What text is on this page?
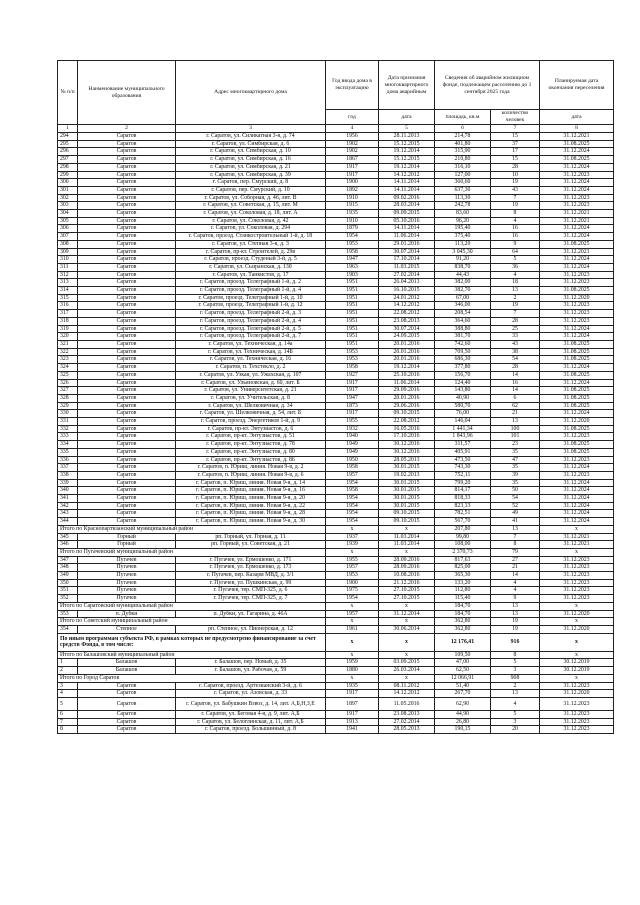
№ п/п	Наименование муниципального образования	Адрес многоквартирного дома	Год ввода дома в эксплуатацию	Дата признания многоквартирного дома аварийным	Сведения об аварийном жилищном фонде, подлежащем расселению до 1 сентября 2025 года		Планируемая дата окончания переселения
			год	дата	площадь, кв.м	количество человек	дата
1	2	3	4	5	6	7	8
294	Саратов	г. Саратов, ул. Силикатная 3-я, д. 74	1956	28.11.2013	214,78	15	31.12.2021
295	Саратов	г. Саратов, ул. Симбирская, д. 6	1902	15.12.2015	401,80	37	31.08.2025
296	Саратов	г. Саратов, ул. Симбирская, д. 10	1902	19.12.2014	315,90	17	31.12.2024
297	Саратов	г. Саратов, ул. Симбирская, д. 16	1867	15.12.2015	210,80	15	31.08.2025
298	Саратов	г. Саратов, ул. Симбирская, д. 21	1917	19.12.2014	316,10	28	31.12.2024
299	Саратов	г. Саратов, ул. Симбирская, д. 39	1917	14.12.2012	127,00	10	31.12.2023
300	Саратов	г. Саратов, пер. Смурский, д. 8	1900	14.11.2014	360,60	19	31.12.2024
301	Саратов	г. Саратов, пер. Смурский, д. 10	1892	14.11.2014	637,30	43	31.12.2024
302	Саратов	г. Саратов, ул. Соборная, д. 46, лит. В	1910	09.02.2016	113,30	7	31.12.2023
303	Саратов	г. Саратов, ул. Советская, д. 15, лит. М	1915	28.03.2014	242,78	19	31.12.2023
304	Саратов	г. Саратов, ул. Соколовая, д. 18, лит. А	1935	09.09.2015	83,60	8	31.12.2021
305	Саратов	г. Саратов, ул. Соколовая, д. 42	1910	05.10.2016	96,20	4	31.12.2021
306	Саратов	г. Саратов, ул. Соколовая, д. 294	1879	14.11.2014	195,40	16	31.12.2024
307	Саратов	г. Саратов, проезд. Станкостроительный 1-й, д. 18	1954	11.06.2014	375,40	16	31.12.2024
308	Саратов	г. Саратов, ул. Степная 3-я, д. 3	1953	29.01.2016	113,20	9	31.08.2025
309	Саратов	г. Саратов, пр-кт. Строителей, д. 29в	1958	30.07.2014	3 045,30	64	31.12.2021
310	Саратов	г. Саратов, проезд. Студеный 3-й, д. 5	1947	17.10.2014	91,20	5	31.12.2024
311	Саратов	г. Саратов, ул. Сызранская, д. 130	1963	11.03.2015	838,70	36	31.12.2024
312	Саратов	г. Саратов, ул. Танкистов, д. 17	1903	27.02.2014	44,43	4	31.12.2023
313	Саратов	г. Саратов, проезд. Телеграфный 1-й, д. 2	1951	26.04.2013	382,00	18	31.12.2023
314	Саратов	г. Саратов, проезд. Телеграфный 1-й, д. 4	1951	16.10.2015	382,70	13	31.08.2025
315	Саратов	г. Саратов, проезд. Телеграфный 1-й, д. 10	1951	24.01.2012	67,00	2	31.12.2020
316	Саратов	г. Саратов, проезд. Телеграфный 1-й, д. 12	1951	14.12.2012	346,00	19	31.12.2023
317	Саратов	г. Саратов, проезд. Телеграфный 2-й, д. 3	1951	22.08.2012	208,54	7	31.12.2023
318	Саратов	г. Саратов, проезд. Телеграфный 2-й, д. 4	1951	23.08.2013	364,60	28	31.12.2023
319	Саратов	г. Саратов, проезд. Телеграфный 2-й, д. 5	1951	30.07.2014	388,80	25	31.12.2024
320	Саратов	г. Саратов, проезд. Телеграфный 2-й, д. 7	1951	24.09.2015	381,70	33	31.12.2024
321	Саратов	г. Саратов, ул. Техническая, д. 14а	1951	20.01.2016	742,60	43	31.08.2025
322	Саратов	г. Саратов, ул. Техническая, д. 14Б	1953	20.01.2016	709,50	38	31.08.2025
323	Саратов	г. Саратов, ул. Техническая, д. 16	1953	20.01.2016	686,30	54	31.08.2025
324	Саратов	г. Саратов, п. Техстекло, д. 2	1958	19.12.2014	377,80	28	31.12.2024
325	Саратов	г. Саратов, ул. Узкая, ул. Ужахская, д. 107	1927	25.10.2016	156,70	14	31.08.2025
326	Саратов	г. Саратов, ул. Ульяновская, д. 60, лит. Б	1917	11.06.2014	124,40	16	31.12.2024
327	Саратов	г. Саратов, ул. Университетская, д. 21	1917	29.09.2016	143,80	14	31.08.2025
328	Саратов	г. Саратов, ул. Учительская, д. 8	1947	20.01.2016	40,90	6	31.08.2025
329	Саратов	г. Саратов, ул. Шелковичная, д. 34	1873	29.06.2016	580,70	62	31.08.2025
330	Саратов	г. Саратов, ул. Шелковичная, д. 54, лит. Б	1917	09.10.2015	76,00	21	31.12.2024
331	Саратов	г. Саратов, проезд. Энергетиков 1-й, д. 9	1955	22.08.2012	146,04	13	31.12.2020
332	Саратов	г. Саратов, пр-кт. Энтузиастов, д. 6	1932	16.05.2016	1 441,34	100	31.08.2025
333	Саратов	г. Саратов, пр-кт. Энтузиастов, д. 51	1940	17.10.2016	1 843,96	101	31.12.2023
334	Саратов	г. Саратов, пр-кт. Энтузиастов, д. 78	1949	30.12.2016	311,57	23	31.08.2025
335	Саратов	г. Саратов, пр-кт. Энтузиастов, д. 80	1949	30.12.2016	405,91	35	31.08.2025
336	Саратов	г. Саратов, пр-кт. Энтузиастов, д. 86	1950	28.05.2013	473,50	47	31.12.2023
337	Саратов	г. Саратов, п. Юриш, линия. Новая 9-я, д. 2	1958	30.01.2015	743,30	35	31.12.2024
338	Саратов	г. Саратов, п. Юриш, линия. Новая 9-я, д. 6	1957	19.02.2013	752,11	39	31.12.2023
339	Саратов	г. Саратов, п. Юриш, линия. Новая 9-я, д. 14	1954	30.01.2015	799,20	35	31.12.2024
340	Саратов	г. Саратов, п. Юриш, линия. Новая 9-я, д. 16	1958	30.01.2015	814,17	50	31.12.2024
341	Саратов	г. Саратов, п. Юриш, линия. Новая 9-я, д. 20	1954	30.01.2015	818,33	54	31.12.2024
342	Саратов	г. Саратов, п. Юриш, линия. Новая 9-я, д. 22	1954	30.01.2015	823,13	52	31.12.2024
343	Саратов	г. Саратов, п. Юриш, линия. Новая 9-я, д. 28	1954	09.10.2015	782,51	49	31.12.2024
344	Саратов	г. Саратов, п. Юриш, линия. Новая 9-я, д. 30	1954	09.10.2015	567,70	41	31.12.2024
Итого по Краснопартизанский муниципальный район			х	х	207,80	13	х
345	Горный	рп. Горный, ул. Горная, д. 11	1937	11.03.2014	99,80	7	31.12.2021
346	Горный	рп. Горный, ул. Советская, д. 21	1939	11.03.2014	108,00	8	31.12.2021
Итого по Пугачевский муниципальный район			х	х	2 370,73	79	х
347	Пугачев	г. Пугачев, ул. Ермошенко, д. 171	1955	28.09.2016	817,63	27	31.12.2023
348	Пугачев	г. Пугачев, ул. Ермошенко, д. 173	1957	28.09.2016	825,00	21	31.12.2023
349	Пугачев	г. Пугачев, пер. Казарм МВД, д. 3/1	1953	10.08.2016	365,30	14	31.12.2023
350	Пугачев	г. Пугачев, ул. Пушкинская, д. 99	1900	21.12.2016	133,20	4	31.12.2023
351	Пугачев	г. Пугачев, тер. СМП-325, д. 6	1975	27.10.2015	112,80	4	31.12.2023
352	Пугачев	г. Пугачев, тер. СМП-325, д. 7	1954	27.10.2015	115,40	9	31.12.2023
Итого по Саратовский муниципальный район			х	х	184,70	13	х
353	п. Дубки	п. Дубки, ул. Гагарина, д. 46А	1957	31.12.2014	184,70	13	31.12.2020
Итого по Советский муниципальный район			х	х	362,80	19	х
354	Степное	рп. Степное, ул. Пионерская, д. 12	1961	30.06.2014	362,80	19	31.12.2020
По иным программам субъекта РФ, в рамках которых не предусмотрено финансирование за счет средств Фонда, в том числе:			х	х	12 176,41	916	х
Итого по Балашовский муниципальный район			х	х	109,50	8	х
1	Балашов	г. Балашов, пер. Новый, д. 35	1959	03.09.2015	47,00	5	30.12.2019
2	Балашов	г. Балашов, ул. Рабочая, д. 59	1880	26.03.2014	62,50	3	30.12.2019
Итого по Город Саратов			х	х	12 066,91	908	х
3	Саратов	г. Саратов, проезд. Артезианский 3-й, д. 6	1935	08.11.2012	51,40	2	31.12.2023
4	Саратов	г. Саратов, ул. Азовская, д. 33	1917	14.12.2012	267,70	13	31.12.2020
5	Саратов	г. Саратов, ул. Бабушкин Взвоз, д. 14, лит. А,Б,Н,З,Е	1897	11.05.2016	62,90	4	31.12.2023
6	Саратов	г. Саратов, ул. Беговая 4-я, д. 9, лит. А,Б	1917	23.08.2013	44,90	5	31.12.2023
7	Саратов	г. Саратов, ул. Белоглинская, д. 11, лит. А,Б	1913	27.02.2014	26,80	3	31.12.2023
8	Саратов	г. Саратов, проезд. Большинный, д. 8	1941	28.05.2013	190,15	20	31.12.2023
